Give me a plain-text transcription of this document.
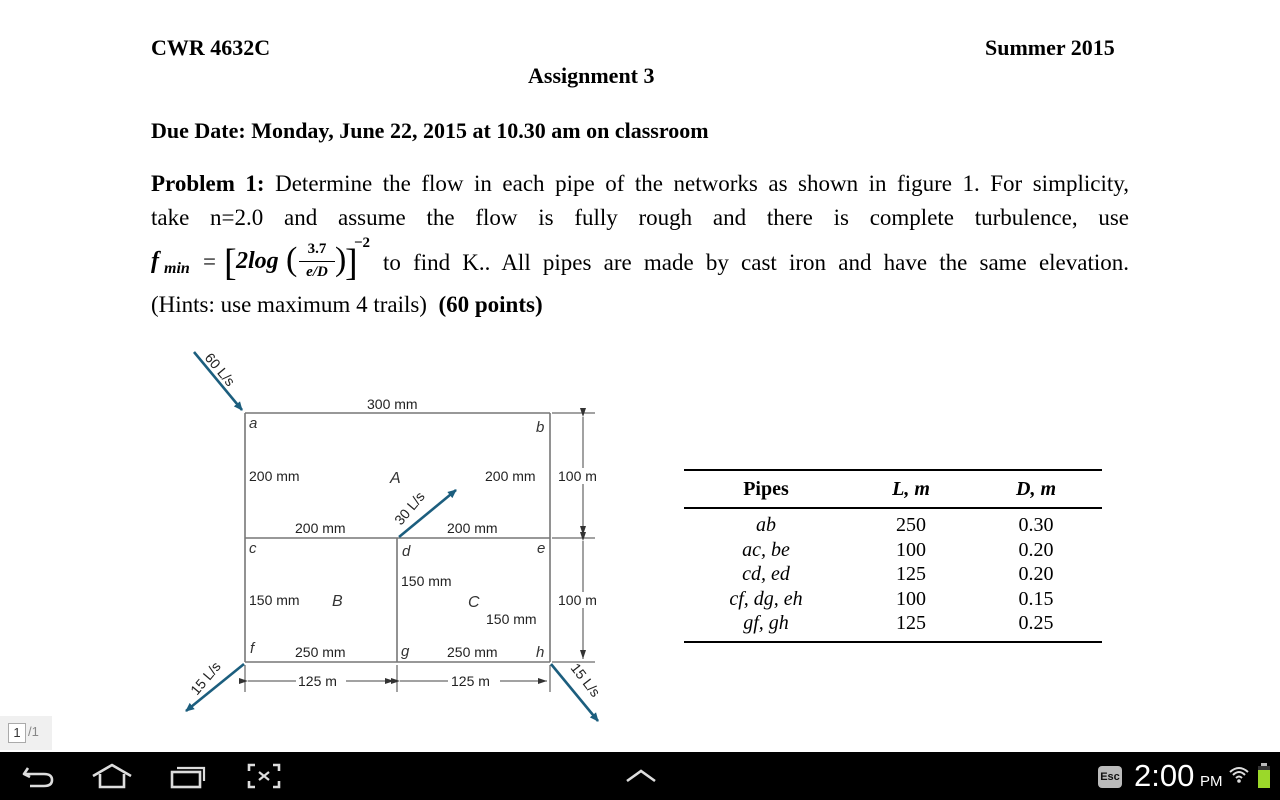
CWR 4632C	Summer 2015
Assignment 3
Due Date: Monday, June 22, 2015 at 10.30 am on classroom
Problem 1: Determine the flow in each pipe of the networks as shown in figure 1. For simplicity,
take n=2.0 and assume the flow is fully rough and there is complete turbulence, use
f min = [ 2log ( 3.7
e/D )
]
−2
to find K.. All pipes are made by cast iron and have the same elevation.
(Hints: use maximum 4 trails) (60 points)
300 mm
200 mm	200 mm
200 mm	200 mm
150 mm
150 mm
150 mm
250 mm	250 mm
100 m
100 m
125 m	125 m
a	b
c	d	e
f	g	h
A
B	C
60 L/s
30 L/s
15 L/s	15 L/s
Pipes	L, m	D, m
ab	250	0.30
ac, be	100	0.20
cd, ed	125	0.20
cf, dg, eh	100	0.15
gf, gh	125	0.25
1 /1
Esc 2:00 PM
